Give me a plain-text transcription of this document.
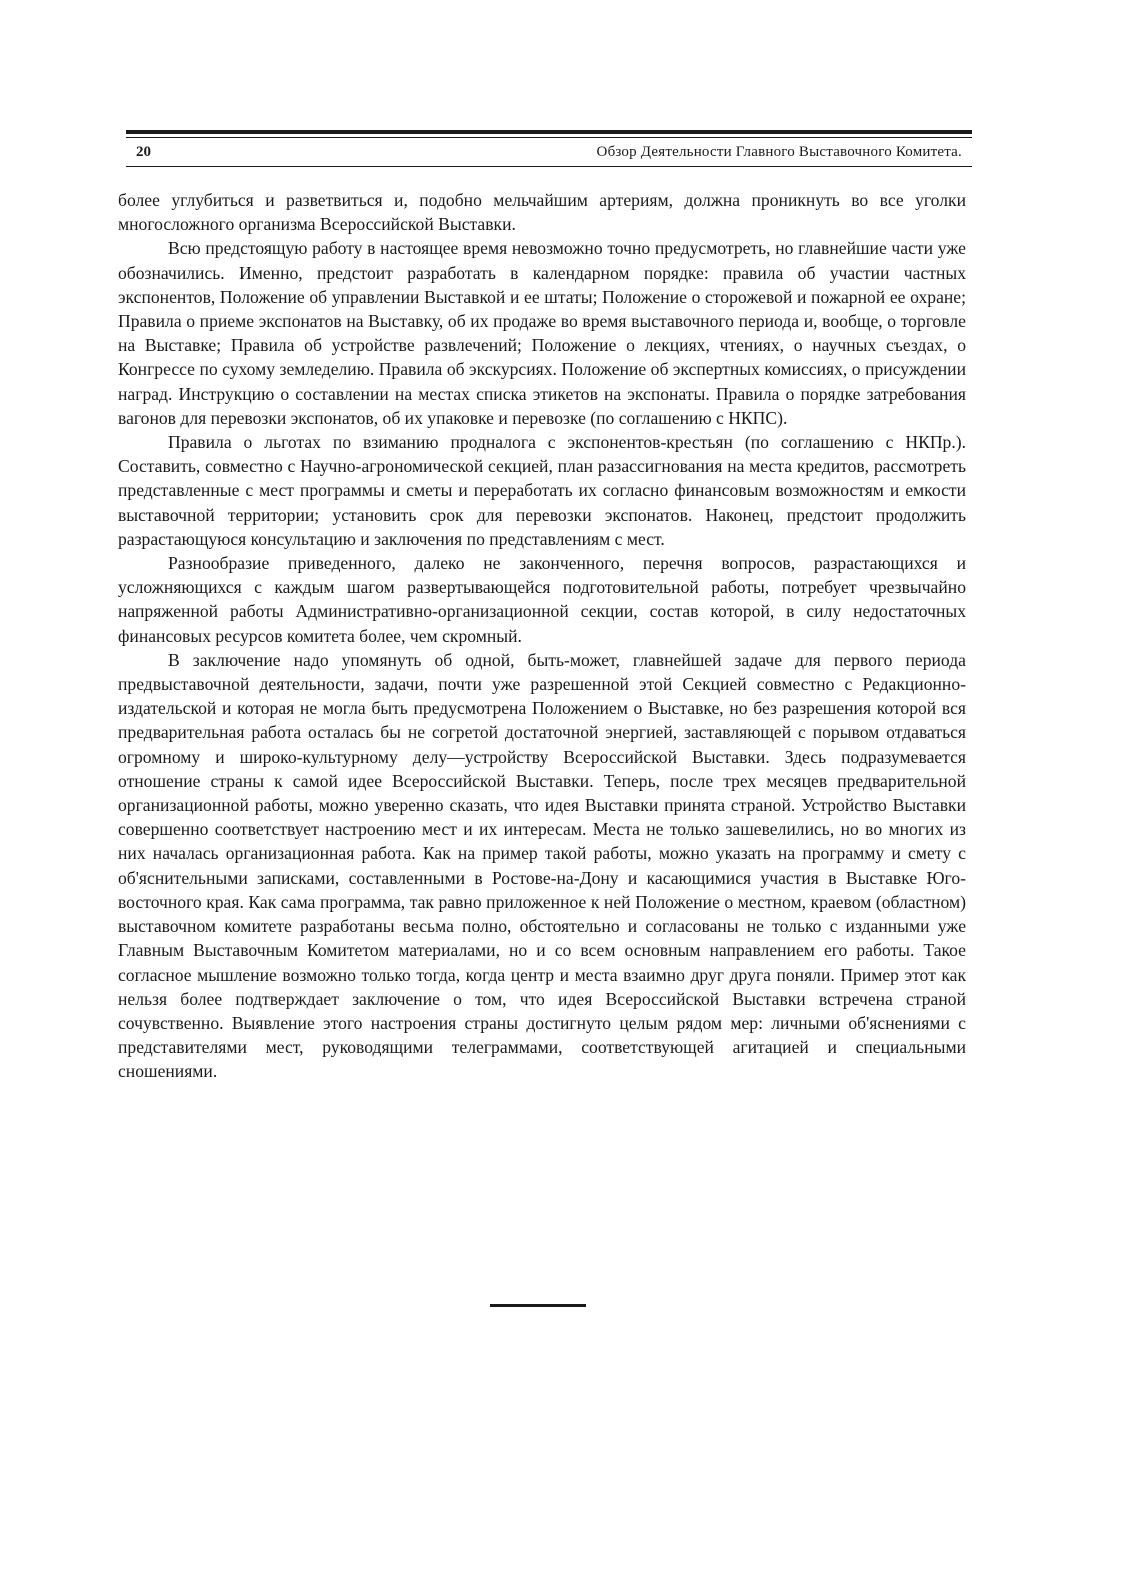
20	Обзор Деятельности Главного Выставочного Комитета.

более углубиться и разветвиться и, подобно мельчайшим артериям, должна проникнуть во все уголки многосложного организма Всероссийской Выставки.

Всю предстоящую работу в настоящее время невозможно точно предусмотреть, но главнейшие части уже обозначились. Именно, предстоит разработать в календарном порядке: правила об участии частных экспонентов, Положение об управлении Выставкой и ее штаты; Положение о сторожевой и пожарной ее охране; Правила о приеме экспонатов на Выставку, об их продаже во время выставочного периода и, вообще, о торговле на Выставке; Правила об устройстве развлечений; Положение о лекциях, чтениях, о научных съездах, о Конгрессе по сухому земледелию. Правила об экскурсиях. Положение об экспертных комиссиях, о присуждении наград. Инструкцию о составлении на местах списка этикетов на экспонаты. Правила о порядке затребования вагонов для перевозки экспонатов, об их упаковке и перевозке (по соглашению с НКПС).

Правила о льготах по взиманию продналога с экспонентов-крестьян (по соглашению с НКПр.). Составить, совместно с Научно-агрономической секцией, план разассигнования на места кредитов, рассмотреть представленные с мест программы и сметы и переработать их согласно финансовым возможностям и емкости выставочной территории; установить срок для перевозки экспонатов. Наконец, предстоит продолжить разрастающуюся консультацию и заключения по представлениям с мест.

Разнообразие приведенного, далеко не законченного, перечня вопросов, разрастающихся и усложняющихся с каждым шагом развертывающейся подготовительной работы, потребует чрезвычайно напряженной работы Административно-организационной секции, состав которой, в силу недостаточных финансовых ресурсов комитета более, чем скромный.

В заключение надо упомянуть об одной, быть-может, главнейшей задаче для первого периода предвыставочной деятельности, задачи, почти уже разрешенной этой Секцией совместно с Редакционно-издательской и которая не могла быть предусмотрена Положением о Выставке, но без разрешения которой вся предварительная работа осталась бы не согретой достаточной энергией, заставляющей с порывом отдаваться огромному и широко-культурному делу—устройству Всероссийской Выставки. Здесь подразумевается отношение страны к самой идее Всероссийской Выставки. Теперь, после трех месяцев предварительной организационной работы, можно уверенно сказать, что идея Выставки принята страной. Устройство Выставки совершенно соответствует настроению мест и их интересам. Места не только зашевелились, но во многих из них началась организационная работа. Как на пример такой работы, можно указать на программу и смету с об'яснительными записками, составленными в Ростове-на-Дону и касающимися участия в Выставке Юго-восточного края. Как сама программа, так равно приложенное к ней Положение о местном, краевом (областном) выставочном комитете разработаны весьма полно, обстоятельно и согласованы не только с изданными уже Главным Выставочным Комитетом материалами, но и со всем основным направлением его работы. Такое согласное мышление возможно только тогда, когда центр и места взаимно друг друга поняли. Пример этот как нельзя более подтверждает заключение о том, что идея Всероссийской Выставки встречена страной сочувственно. Выявление этого настроения страны достигнуто целым рядом мер: личными об'яснениями с представителями мест, руководящими телеграммами, соответствующей агитацией и специальными сношениями.
